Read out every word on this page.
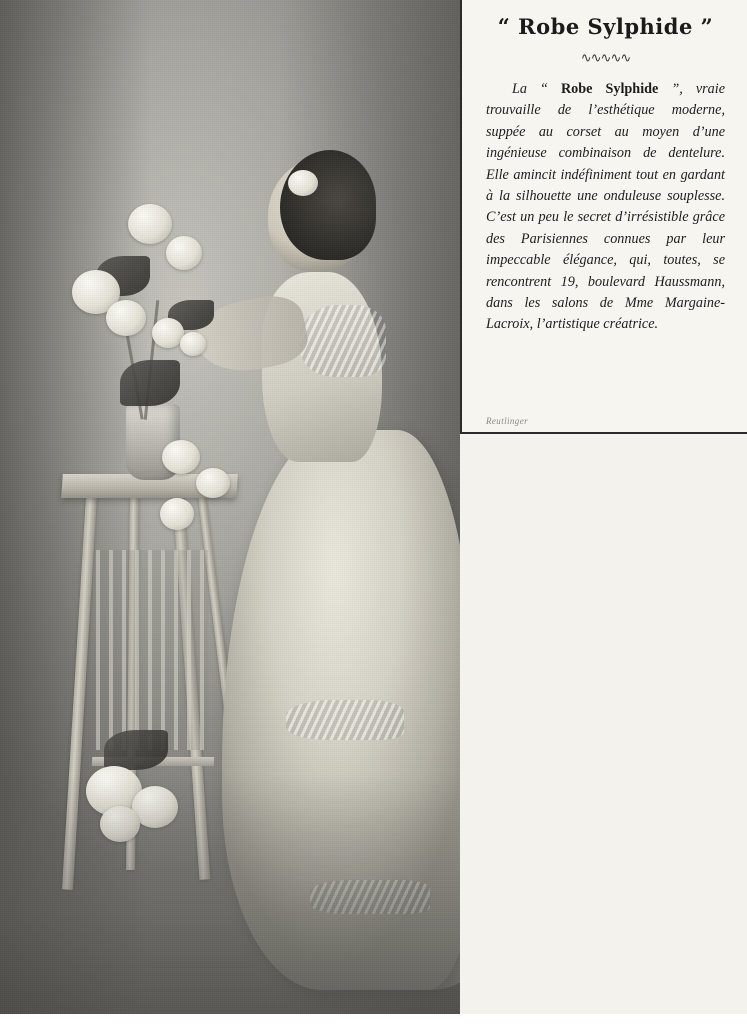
“ Robe Sylphide ”
∿∿∿∿∿

La “ Robe Sylphide ”, vraie trouvaille de l’esthétique moderne, suppée au corset au moyen d’une ingénieuse combinaison de dentelure. Elle amincit indéfiniment tout en gardant à la silhouette une onduleuse souplesse. C’est un peu le secret d’irrésistible grâce des Parisiennes connues par leur impeccable élégance, qui, toutes, se rencontrent 19, boulevard Haussmann, dans les salons de Mme Margaine-Lacroix, l’artistique créatrice.

Reutlinger
